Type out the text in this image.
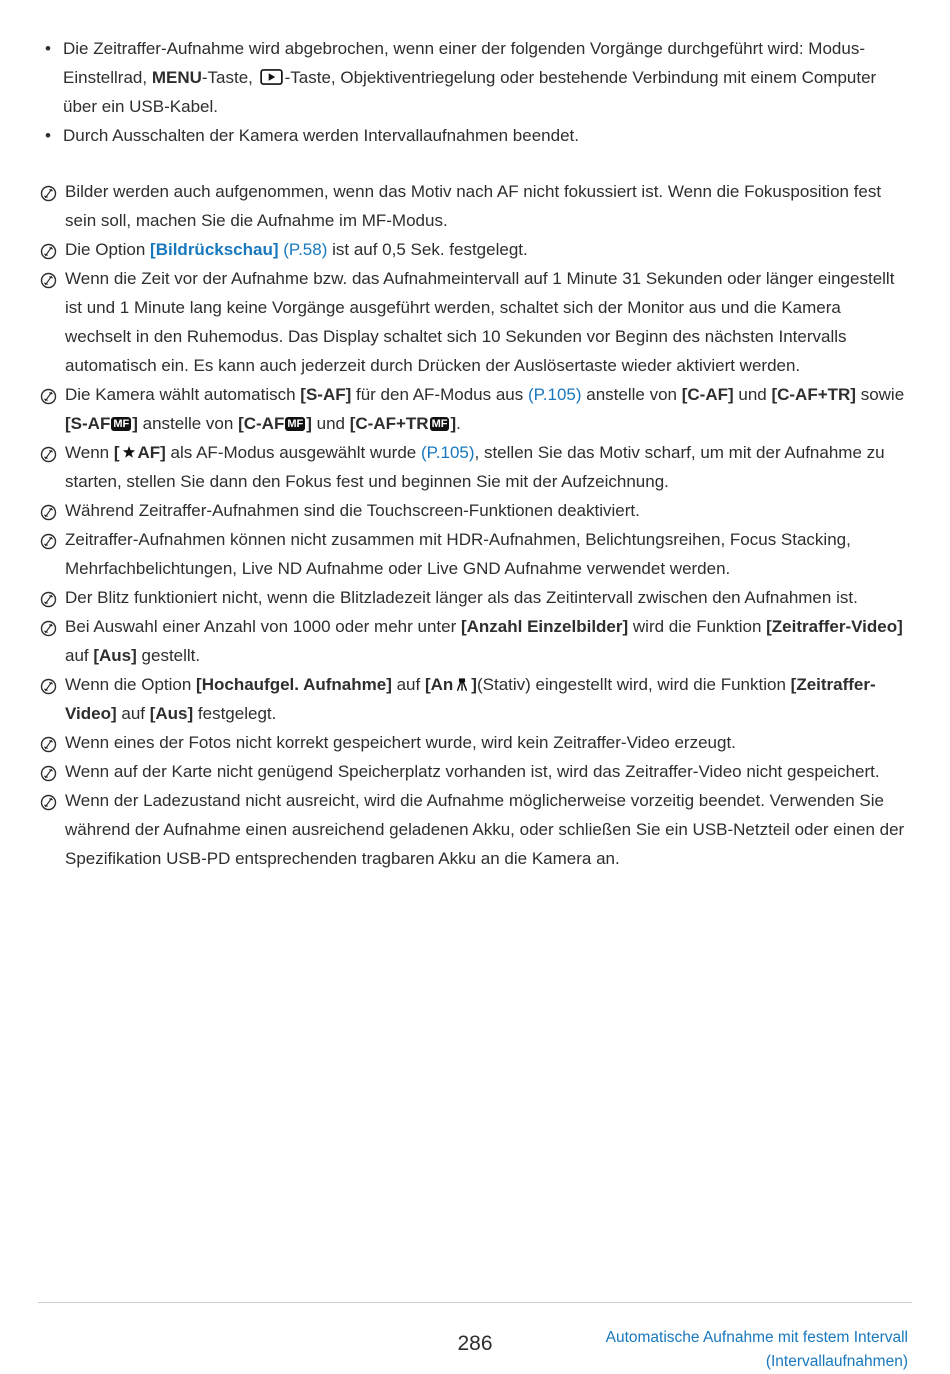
• Die Zeitraffer-Aufnahme wird abgebrochen, wenn einer der folgenden Vorgänge durchgeführt wird: Modus-Einstellrad, MENU-Taste, -Taste, Objektiventriegelung oder bestehende Verbindung mit einem Computer über ein USB-Kabel.
• Durch Ausschalten der Kamera werden Intervallaufnahmen beendet.
Bilder werden auch aufgenommen, wenn das Motiv nach AF nicht fokussiert ist. Wenn die Fokusposition fest sein soll, machen Sie die Aufnahme im MF-Modus.
Die Option [Bildrückschau] (P.58) ist auf 0,5 Sek. festgelegt.
Wenn die Zeit vor der Aufnahme bzw. das Aufnahmeintervall auf 1 Minute 31 Sekunden oder länger eingestellt ist und 1 Minute lang keine Vorgänge ausgeführt werden, schaltet sich der Monitor aus und die Kamera wechselt in den Ruhemodus. Das Display schaltet sich 10 Sekunden vor Beginn des nächsten Intervalls automatisch ein. Es kann auch jederzeit durch Drücken der Auslösertaste wieder aktiviert werden.
Die Kamera wählt automatisch [S-AF] für den AF-Modus aus (P.105) anstelle von [C-AF] und [C-AF+TR] sowie [S-AF MF ] anstelle von [C-AF MF ] und [C-AF+TR MF ].
Wenn [ AF] als AF-Modus ausgewählt wurde (P.105), stellen Sie das Motiv scharf, um mit der Aufnahme zu starten, stellen Sie dann den Fokus fest und beginnen Sie mit der Aufzeichnung.
Während Zeitraffer-Aufnahmen sind die Touchscreen-Funktionen deaktiviert.
Zeitraffer-Aufnahmen können nicht zusammen mit HDR-Aufnahmen, Belichtungsreihen, Focus Stacking, Mehrfachbelichtungen, Live ND Aufnahme oder Live GND Aufnahme verwendet werden.
Der Blitz funktioniert nicht, wenn die Blitzladezeit länger als das Zeitintervall zwischen den Aufnahmen ist.
Bei Auswahl einer Anzahl von 1000 oder mehr unter [Anzahl Einzelbilder] wird die Funktion [Zeitraffer-Video] auf [Aus] gestellt.
Wenn die Option [Hochaufgel. Aufnahme] auf [An ](Stativ) eingestellt wird, wird die Funktion [Zeitraffer-Video] auf [Aus] festgelegt.
Wenn eines der Fotos nicht korrekt gespeichert wurde, wird kein Zeitraffer-Video erzeugt.
Wenn auf der Karte nicht genügend Speicherplatz vorhanden ist, wird das Zeitraffer-Video nicht gespeichert.
Wenn der Ladezustand nicht ausreicht, wird die Aufnahme möglicherweise vorzeitig beendet. Verwenden Sie während der Aufnahme einen ausreichend geladenen Akku, oder schließen Sie ein USB-Netzteil oder einen der Spezifikation USB-PD entsprechenden tragbaren Akku an die Kamera an.
286	Automatische Aufnahme mit festem Intervall
(Intervallaufnahmen)
